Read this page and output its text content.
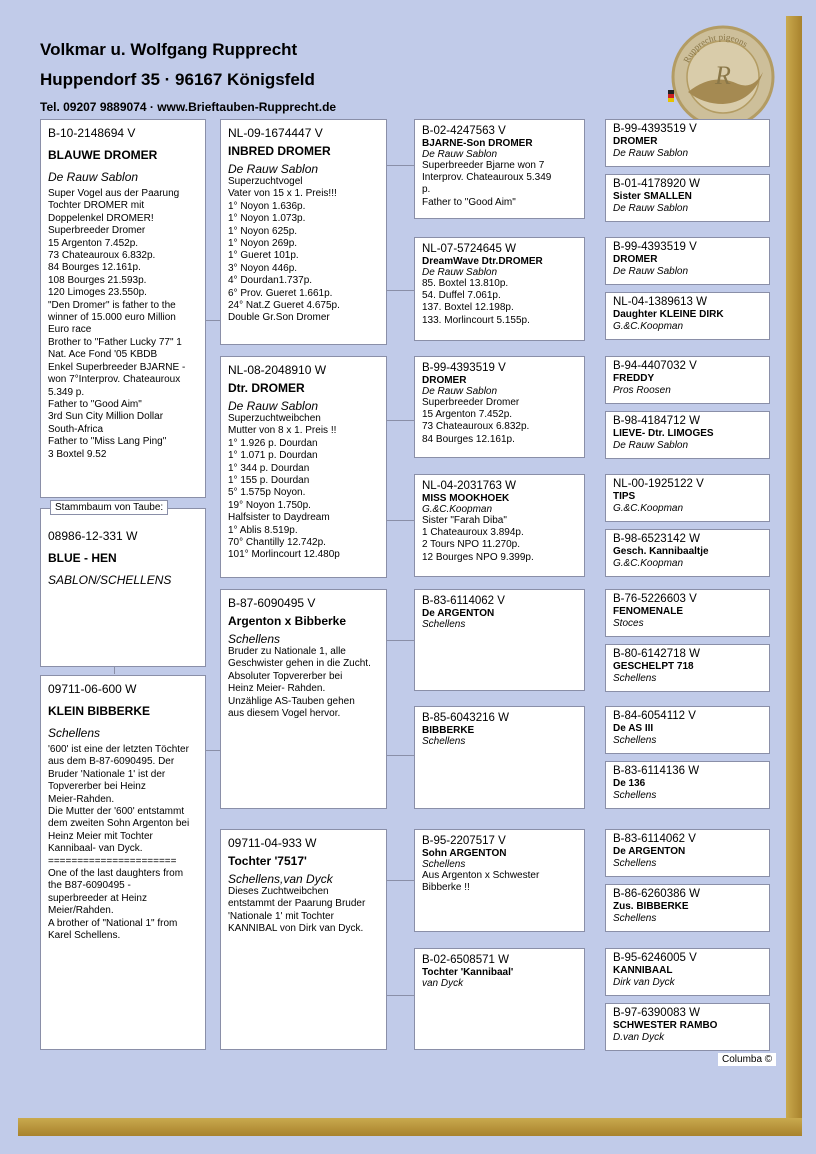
Volkmar u. Wolfgang Rupprecht
Huppendorf 35 · 96167 Königsfeld
Tel. 09207 9889074 · www.Brieftauben-Rupprecht.de
R
Rupprecht pigeons
B-10-2148694 V
BLAUWE DROMER
De Rauw Sablon
Super Vogel aus der Paarung
Tochter DROMER mit
Doppelenkel DROMER!
Superbreeder Dromer
15 Argenton 7.452p.
73 Chateauroux 6.832p.
84 Bourges 12.161p.
108 Bourges 21.593p.
120 Limoges 23.550p.
"Den Dromer" is father to the
winner of 15.000 euro Million
Euro race
Brother to "Father Lucky 77" 1
Nat. Ace Fond '05 KBDB
Enkel Superbreeder BJARNE -
won 7°Interprov. Chateauroux
5.349 p.
Father to "Good Aim"
3rd Sun City Million Dollar
South-Africa
Father to "Miss Lang Ping"
3 Boxtel 9.52
08986-12-331 W
BLUE - HEN
SABLON/SCHELLENS
Stammbaum von Taube:
09711-06-600 W
KLEIN BIBBERKE
Schellens
'600' ist eine der letzten Töchter
aus dem B-87-6090495. Der
Bruder 'Nationale 1' ist der
Topvererber bei Heinz
Meier-Rahden.
Die Mutter der '600' entstammt
dem zweiten Sohn Argenton bei
Heinz Meier mit Tochter
Kannibaal- van Dyck.
======================
One of the last daughters from
the B87-6090495 -
superbreeder at Heinz
Meier/Rahden.
A brother of "National 1" from
Karel Schellens.
NL-09-1674447 V
INBRED DROMER
De Rauw Sablon
Superzuchtvogel
Vater von 15 x 1. Preis!!!
1° Noyon 1.636p.
1° Noyon 1.073p.
1° Noyon 625p.
1° Noyon 269p.
1° Gueret 101p.
3° Noyon 446p.
4° Dourdan1.737p.
6° Prov. Gueret 1.661p.
24° Nat.Z Gueret 4.675p.
Double Gr.Son Dromer
NL-08-2048910 W
Dtr. DROMER
De Rauw Sablon
Superzuchtweibchen
Mutter von 8 x 1. Preis !!
1° 1.926 p. Dourdan
1° 1.071 p. Dourdan
1° 344 p. Dourdan
1° 155 p. Dourdan
5° 1.575p Noyon.
19° Noyon 1.750p.
Halfsister to Daydream
1° Ablis 8.519p.
70° Chantilly 12.742p.
101° Morlincourt 12.480p
B-87-6090495 V
Argenton x Bibberke
Schellens
Bruder zu Nationale 1, alle
Geschwister gehen in die Zucht.
Absoluter Topvererber bei
Heinz Meier- Rahden.
Unzählige AS-Tauben gehen
aus diesem Vogel hervor.
09711-04-933 W
Tochter '7517'
Schellens,van Dyck
Dieses Zuchtweibchen
entstammt der Paarung Bruder
'Nationale 1' mit Tochter
KANNIBAL von Dirk van Dyck.
B-02-4247563 V
BJARNE-Son DROMER
De Rauw Sablon
Superbreeder Bjarne won 7
Interprov. Chateauroux 5.349
p.
Father to "Good Aim"
NL-07-5724645 W
DreamWave Dtr.DROMER
De Rauw Sablon
85. Boxtel 13.810p.
54. Duffel 7.061p.
137. Boxtel 12.198p.
133. Morlincourt 5.155p.
B-99-4393519 V
DROMER
De Rauw Sablon
Superbreeder Dromer
15 Argenton 7.452p.
73 Chateauroux 6.832p.
84 Bourges 12.161p.
NL-04-2031763 W
MISS MOOKHOEK
G.&C.Koopman
Sister "Farah Diba"
1 Chateauroux 3.894p.
2 Tours NPO 11.270p.
12 Bourges NPO 9.399p.
B-83-6114062 V
De ARGENTON
Schellens
B-85-6043216 W
BIBBERKE
Schellens
B-95-2207517 V
Sohn ARGENTON
Schellens
Aus Argenton x Schwester
Bibberke !!
B-02-6508571 W
Tochter 'Kannibaal'
van Dyck
B-99-4393519 V
DROMER
De Rauw Sablon
B-01-4178920 W
Sister SMALLEN
De Rauw Sablon
B-99-4393519 V
DROMER
De Rauw Sablon
NL-04-1389613 W
Daughter KLEINE DIRK
G.&C.Koopman
B-94-4407032 V
FREDDY
Pros Roosen
B-98-4184712 W
LIEVE- Dtr. LIMOGES
De Rauw Sablon
NL-00-1925122 V
TIPS
G.&C.Koopman
B-98-6523142 W
Gesch. Kannibaaltje
G.&C.Koopman
B-76-5226603 V
FENOMENALE
Stoces
B-80-6142718 W
GESCHELPT 718
Schellens
B-84-6054112 V
De AS III
Schellens
B-83-6114136 W
De 136
Schellens
B-83-6114062 V
De ARGENTON
Schellens
B-86-6260386 W
Zus. BIBBERKE
Schellens
B-95-6246005 V
KANNIBAAL
Dirk van Dyck
B-97-6390083 W
SCHWESTER RAMBO
D.van Dyck
Columba ©
